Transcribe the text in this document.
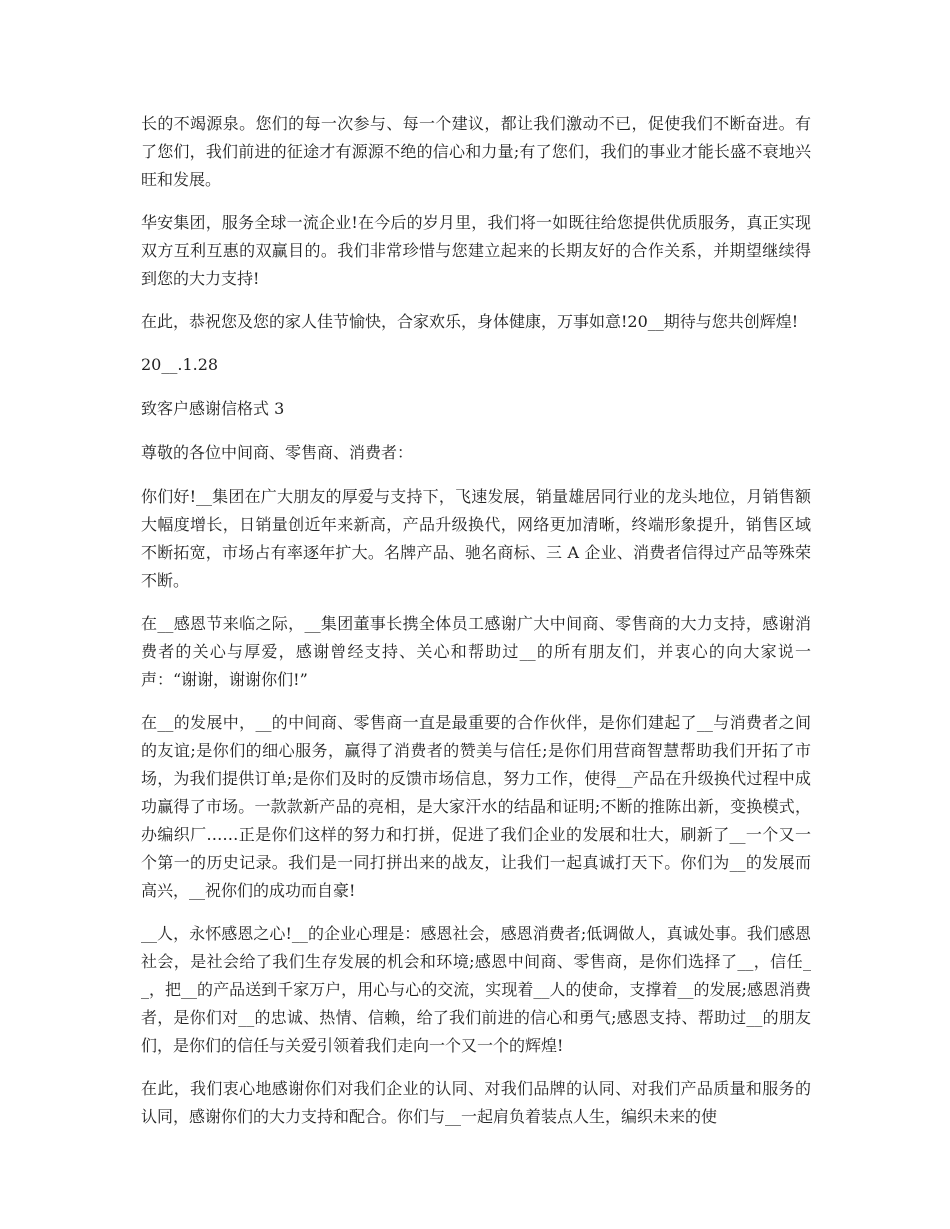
长的不竭源泉。您们的每一次参与、每一个建议，都让我们激动不已，促使我们不断奋进。有了您们，我们前进的征途才有源源不绝的信心和力量;有了您们，我们的事业才能长盛不衰地兴旺和发展。

华安集团，服务全球一流企业!在今后的岁月里，我们将一如既往给您提供优质服务，真正实现双方互利互惠的双赢目的。我们非常珍惜与您建立起来的长期友好的合作关系，并期望继续得到您的大力支持!

在此，恭祝您及您的家人佳节愉快，合家欢乐，身体健康，万事如意!20__期待与您共创辉煌!

20__.1.28

致客户感谢信格式 3

尊敬的各位中间商、零售商、消费者：

你们好!__集团在广大朋友的厚爱与支持下，飞速发展，销量雄居同行业的龙头地位，月销售额大幅度增长，日销量创近年来新高，产品升级换代，网络更加清晰，终端形象提升，销售区域不断拓宽，市场占有率逐年扩大。名牌产品、驰名商标、三 A 企业、消费者信得过产品等殊荣不断。

在__感恩节来临之际，__集团董事长携全体员工感谢广大中间商、零售商的大力支持，感谢消费者的关心与厚爱，感谢曾经支持、关心和帮助过__的所有朋友们，并衷心的向大家说一声：“谢谢，谢谢你们!”

在__的发展中，__的中间商、零售商一直是最重要的合作伙伴，是你们建起了__与消费者之间的友谊;是你们的细心服务，赢得了消费者的赞美与信任;是你们用营商智慧帮助我们开拓了市场，为我们提供订单;是你们及时的反馈市场信息，努力工作，使得__产品在升级换代过程中成功赢得了市场。一款款新产品的亮相，是大家汗水的结晶和证明;不断的推陈出新，变换模式，办编织厂……正是你们这样的努力和打拼，促进了我们企业的发展和壮大，刷新了__一个又一个第一的历史记录。我们是一同打拼出来的战友，让我们一起真诚打天下。你们为__的发展而高兴，__祝你们的成功而自豪!

__人，永怀感恩之心!__的企业心理是：感恩社会，感恩消费者;低调做人，真诚处事。我们感恩社会，是社会给了我们生存发展的机会和环境;感恩中间商、零售商，是你们选择了__，信任__，把__的产品送到千家万户，用心与心的交流，实现着__人的使命，支撑着__的发展;感恩消费者，是你们对__的忠诚、热情、信赖，给了我们前进的信心和勇气;感恩支持、帮助过__的朋友们，是你们的信任与关爱引领着我们走向一个又一个的辉煌!

在此，我们衷心地感谢你们对我们企业的认同、对我们品牌的认同、对我们产品质量和服务的认同，感谢你们的大力支持和配合。你们与__一起肩负着装点人生，编织未来的使
